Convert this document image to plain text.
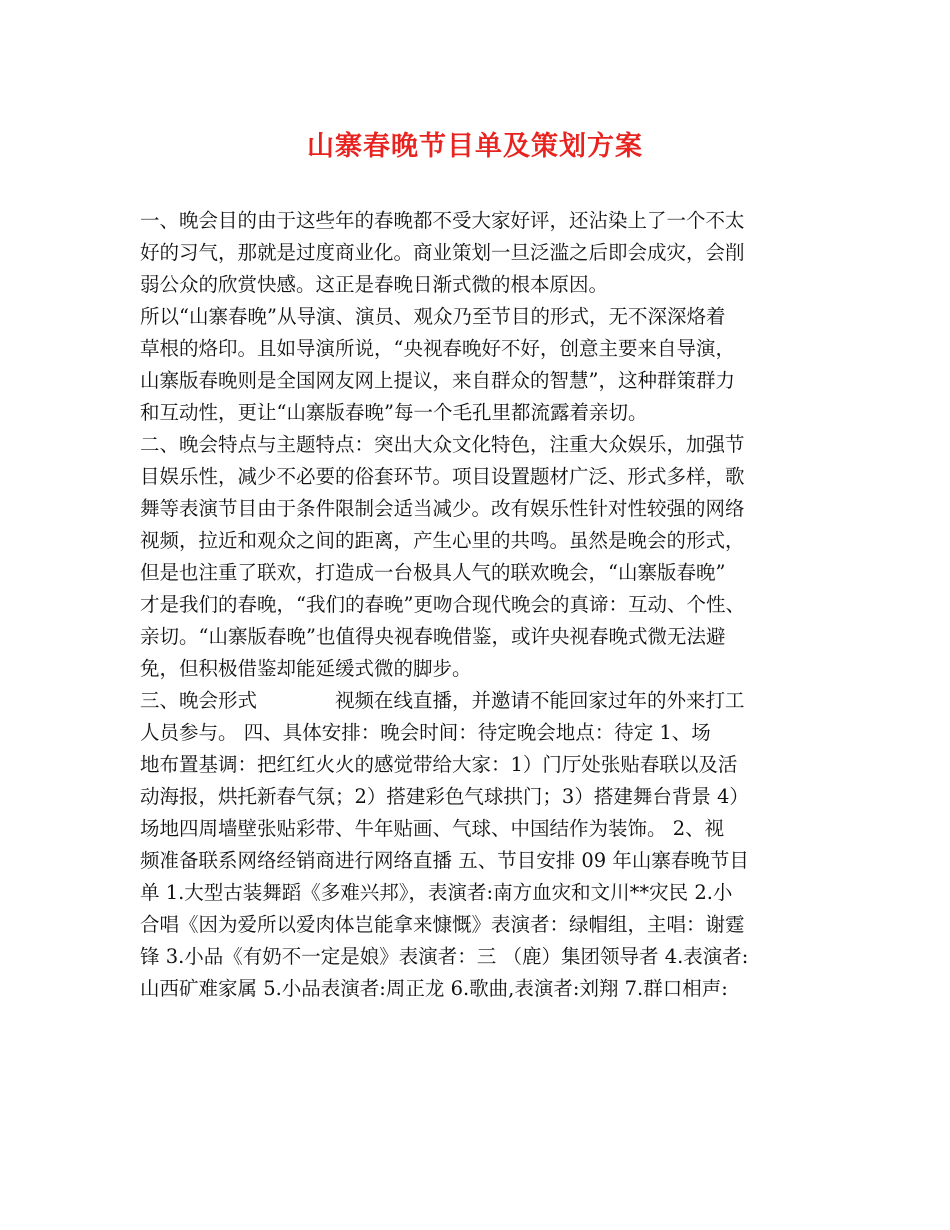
山寨春晚节目单及策划方案
一、晚会目的由于这些年的春晚都不受大家好评，还沾染上了一个不太
好的习气，那就是过度商业化。商业策划一旦泛滥之后即会成灾，会削
弱公众的欣赏快感。这正是春晚日渐式微的根本原因。
所以“山寨春晚”从导演、演员、观众乃至节目的形式，无不深深烙着
草根的烙印。且如导演所说，“央视春晚好不好，创意主要来自导演，
山寨版春晚则是全国网友网上提议，来自群众的智慧”，这种群策群力
和互动性，更让“山寨版春晚”每一个毛孔里都流露着亲切。
二、晚会特点与主题特点：突出大众文化特色，注重大众娱乐，加强节
目娱乐性，减少不必要的俗套环节。项目设置题材广泛、形式多样，歌
舞等表演节目由于条件限制会适当减少。改有娱乐性针对性较强的网络
视频，拉近和观众之间的距离，产生心里的共鸣。虽然是晚会的形式，
但是也注重了联欢，打造成一台极具人气的联欢晚会，“山寨版春晚”
才是我们的春晚，“我们的春晚”更吻合现代晚会的真谛：互动、个性、
亲切。“山寨版春晚”也值得央视春晚借鉴，或许央视春晚式微无法避
免，但积极借鉴却能延缓式微的脚步。
三、晚会形式	视频在线直播，并邀请不能回家过年的外来打工
人员参与。 四、具体安排：晚会时间：待定晚会地点：待定 1、场
地布置基调：把红红火火的感觉带给大家：1）门厅处张贴春联以及活
动海报，烘托新春气氛；2）搭建彩色气球拱门；3）搭建舞台背景 4）
场地四周墙壁张贴彩带、牛年贴画、气球、中国结作为装饰。 2、视
频准备联系网络经销商进行网络直播 五、节目安排 09 年山寨春晚节目
单 1.大型古装舞蹈《多难兴邦》，表演者:南方血灾和文川**灾民 2.小
合唱《因为爱所以爱肉体岂能拿来慷慨》表演者：绿帽组，主唱：谢霆
锋 3.小品《有奶不一定是娘》表演者：三 （鹿）集团领导者 4.表演者:
山西矿难家属 5.小品表演者:周正龙 6.歌曲,表演者:刘翔 7.群口相声:
